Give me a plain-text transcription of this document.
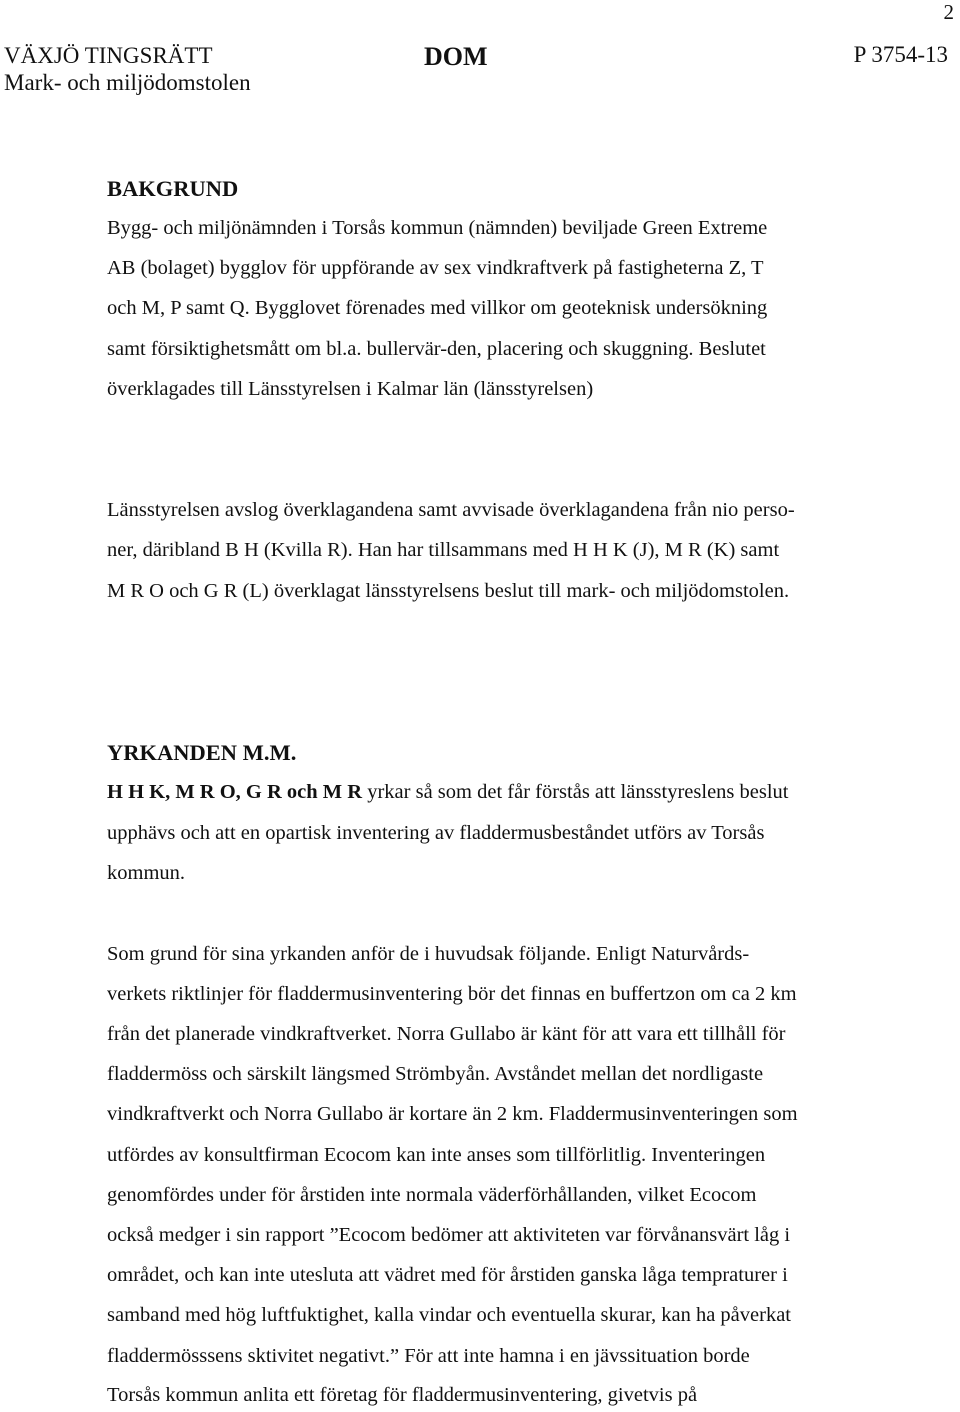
2
VÄXJÖ TINGSRÄTT
Mark- och miljödomstolen
DOM	P 3754-13
BAKGRUND
Bygg- och miljönämnden i Torsås kommun (nämnden) beviljade Green Extreme
AB (bolaget) bygglov för uppförande av sex vindkraftverk på fastigheterna Z, T
och M, P samt Q. Bygglovet förenades med villkor om geoteknisk undersökning
samt försiktighetsmått om bl.a. bullervär-den, placering och skuggning. Beslutet
överklagades till Länsstyrelsen i Kalmar län (länsstyrelsen)
Länsstyrelsen avslog överklagandena samt avvisade överklagandena från nio perso-
ner, däribland B H (Kvilla R). Han har tillsammans med H H K (J), M R (K) samt
M R O och G R (L) överklagat länsstyrelsens beslut till mark- och miljödomstolen.
YRKANDEN M.M.
H H K, M R O, G R och M R yrkar så som det får förstås att länsstyreslens beslut
upphävs och att en opartisk inventering av fladdermusbeståndet utförs av Torsås
kommun.
Som grund för sina yrkanden anför de i huvudsak följande. Enligt Naturvårds-
verkets riktlinjer för fladdermusinventering bör det finnas en buffertzon om ca 2 km
från det planerade vindkraftverket. Norra Gullabo är känt för att vara ett tillhåll för
fladdermöss och särskilt längsmed Strömbyån. Avståndet mellan det nordligaste
vindkraftverkt och Norra Gullabo är kortare än 2 km. Fladdermusinventeringen som
utfördes av konsultfirman Ecocom kan inte anses som tillförlitlig. Inventeringen
genomfördes under för årstiden inte normala väderförhållanden, vilket Ecocom
också medger i sin rapport ”Ecocom bedömer att aktiviteten var förvånansvärt låg i
området, och kan inte utesluta att vädret med för årstiden ganska låga tempraturer i
samband med hög luftfuktighet, kalla vindar och eventuella skurar, kan ha påverkat
fladdermösssens sktivitet negativt.” För att inte hamna i en jävssituation borde
Torsås kommun anlita ett företag för fladdermusinventering, givetvis på
